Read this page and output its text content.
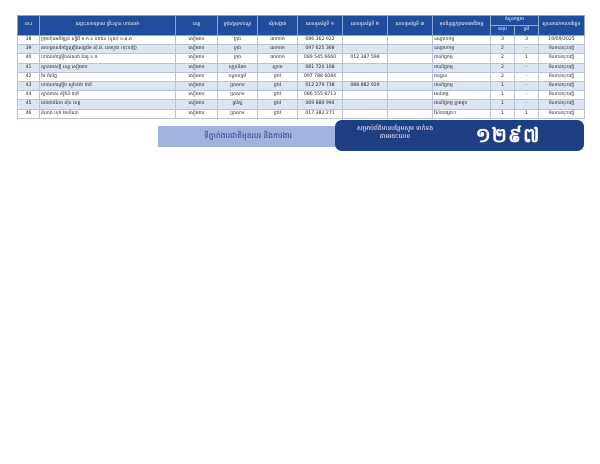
ល.រ	ឈ្មោះសហគ្រាស គ្រឹះស្ថាន ហាងលក់	ខេត្ត	ក្រុង/ស្រុក/ខណ្ឌ	ឃុំ/សង្កាត់	លេខទូរស័ព្ទទី ១	លេខទូរស័ព្ទទី ២	លេខទូរស័ព្ទទី ៣	មុខជំនួញ/ប្រភេទអាជីវកម្ម	ចំនួនកម្មករ		ស្ថានភាព/កាលបរិច្ឆេទ
									សរុប	ស្រី	
38	ក្រុមហ៊ុនអភិវឌ្ឍន៍ ស្ប៊ីអ៊ី ម.ក.ខ ឯកជន (ខូយ) ខ.អ.ត	សៀមរាប	ក្រុង	គោកចក	086 362 922			ឧស្សាហកម្ម	3	3	19/09/2025
39	សហគ្រាសកែច្នៃគ្រឿងសង្ហារឹម ស៊ី.អិ. ខេមបូឌា (ចុះបញ្ជី)	សៀមរាប	ក្រុង	គោកចក	097 625 368			ឧស្សាហកម្ម	2	-	មិនទាន់ចុះបញ្ជី
40	ហាងលក់គ្រឿងសំណង់ ដៃគូ ខ.ក	សៀមរាប	ក្រុង	គោកចក	089 545 6660	012 387 598		ពាណិជ្ជកម្ម	2	1	មិនទាន់ចុះបញ្ជី
41	ស្ពាន់មាសថ្មី ខេត្ត សៀមរាប	សៀមរាប	សូទ្រនិគម	ស្វាយ	081 720 108			ពាណិជ្ជកម្ម	2	-	មិនទាន់ចុះបញ្ជី
42	ម៉ៃ ពិសិដ្ឋ	សៀមរាប	បន្ទាយស្រី	ជ្រាវ	097 788 6084			ការដ្ឋាន	2	-	មិនទាន់ចុះបញ្ជី
43	ហាងលក់គ្រឿង សូរ៉ាន់ថា ជាតិ	សៀមរាប	ប្រាសាទ	ជ្រាវ	012 279 738	088 882 929		ពាណិជ្ជកម្ម	1	-	មិនទាន់ចុះបញ្ជី
44	ស្ពាន់មាស ស៊ូវ៉ានី ជាតិ	សៀមរាប	ប្រាសាទ	ជ្រាវ	086 555 6713			សេវាកម្ម	1	-	មិនទាន់ចុះបញ្ជី
45	រោងជាងដែក ស៊ុខ ខេត្ត	សៀមរាប	ស្រីស្នំ	ជ្រាវ	069 880 994			ពាណិជ្ជកម្ម ខ្នាតតូច	1	-	មិនទាន់ចុះបញ្ជី
46	និលាង ហុង ម៉ាលីណា	សៀមរាប	ប្រាសាទ	ជ្រាវ	017 382 271			វិស័យផ្សេងៗ	1	1	មិនទាន់ចុះបញ្ជី
ទីភ្នាក់ងារជាតិមុខរបរ និងការងារ
សម្រាប់ព័ត៌មានបន្ថែមសូម ទាក់ទងតាមរយៈលេខ	១២៩៧
